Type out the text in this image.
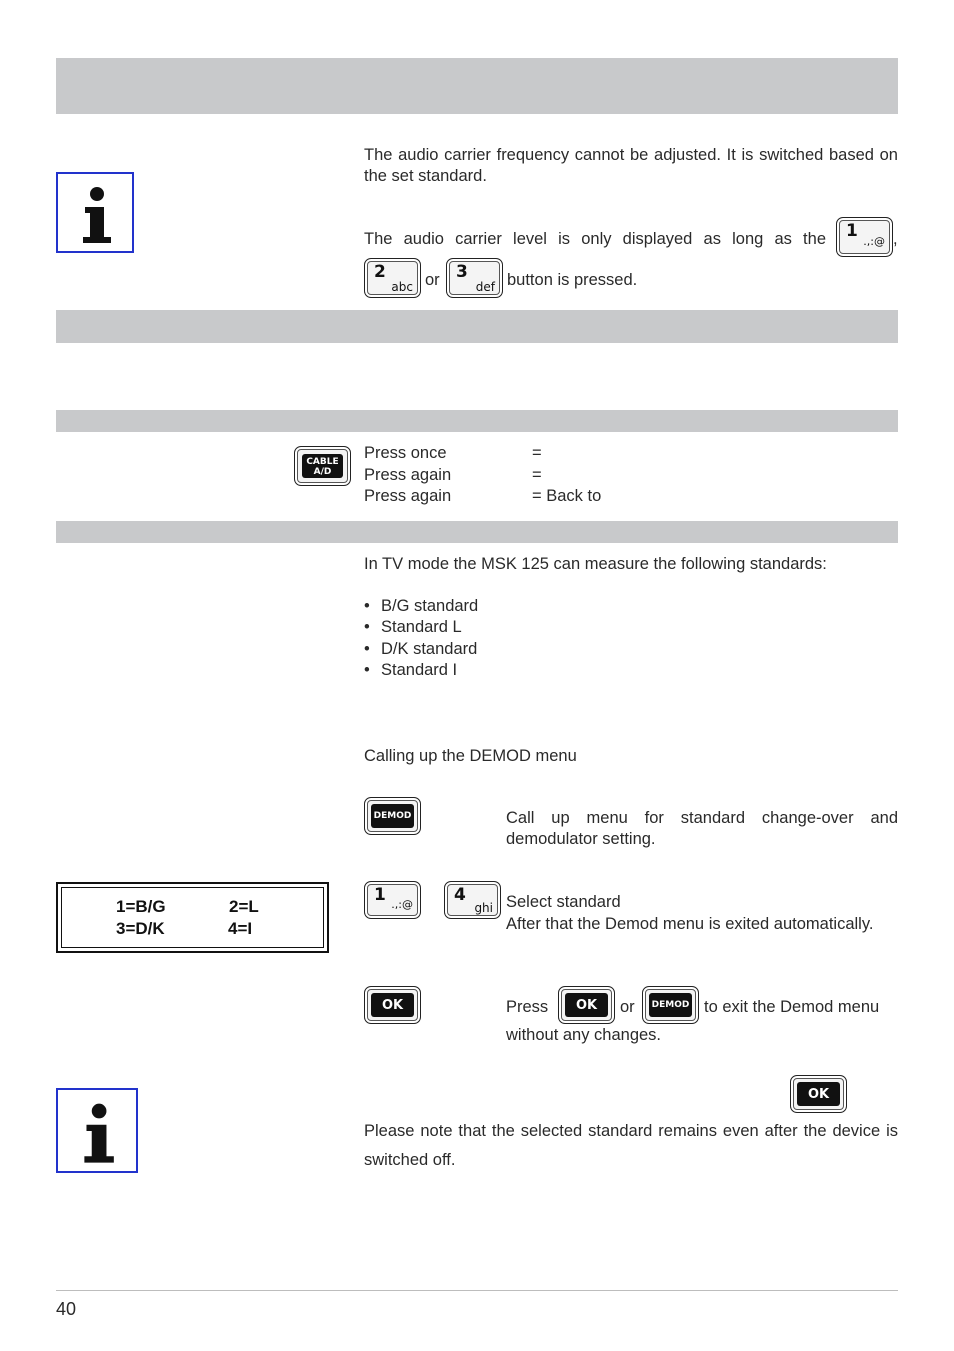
The audio carrier frequency cannot be adjusted. It is switched based on the set standard.

The audio carrier level is only displayed as long as the 1
.,:@ ,
2
abc or 3
def button is pressed.
CABLE
A/D
Press once	=
Press again	=
Press again	= Back to

In TV mode the MSK 125 can measure the following standards:

• B/G standard
• Standard L
• D/K standard
• Standard I

Calling up the DEMOD menu

DEMOD	Call up menu for standard change-over and demodulator setting.

1 .,:@ 4
ghi Select standard

After that the Demod menu is exited automatically.

1=B/G	2=L
3=D/K	4=I
OK	Press	OK	or DEMOD to exit the Demod menu

without any changes.

OK

Please note that the selected standard remains even after the device is switched off.

40
